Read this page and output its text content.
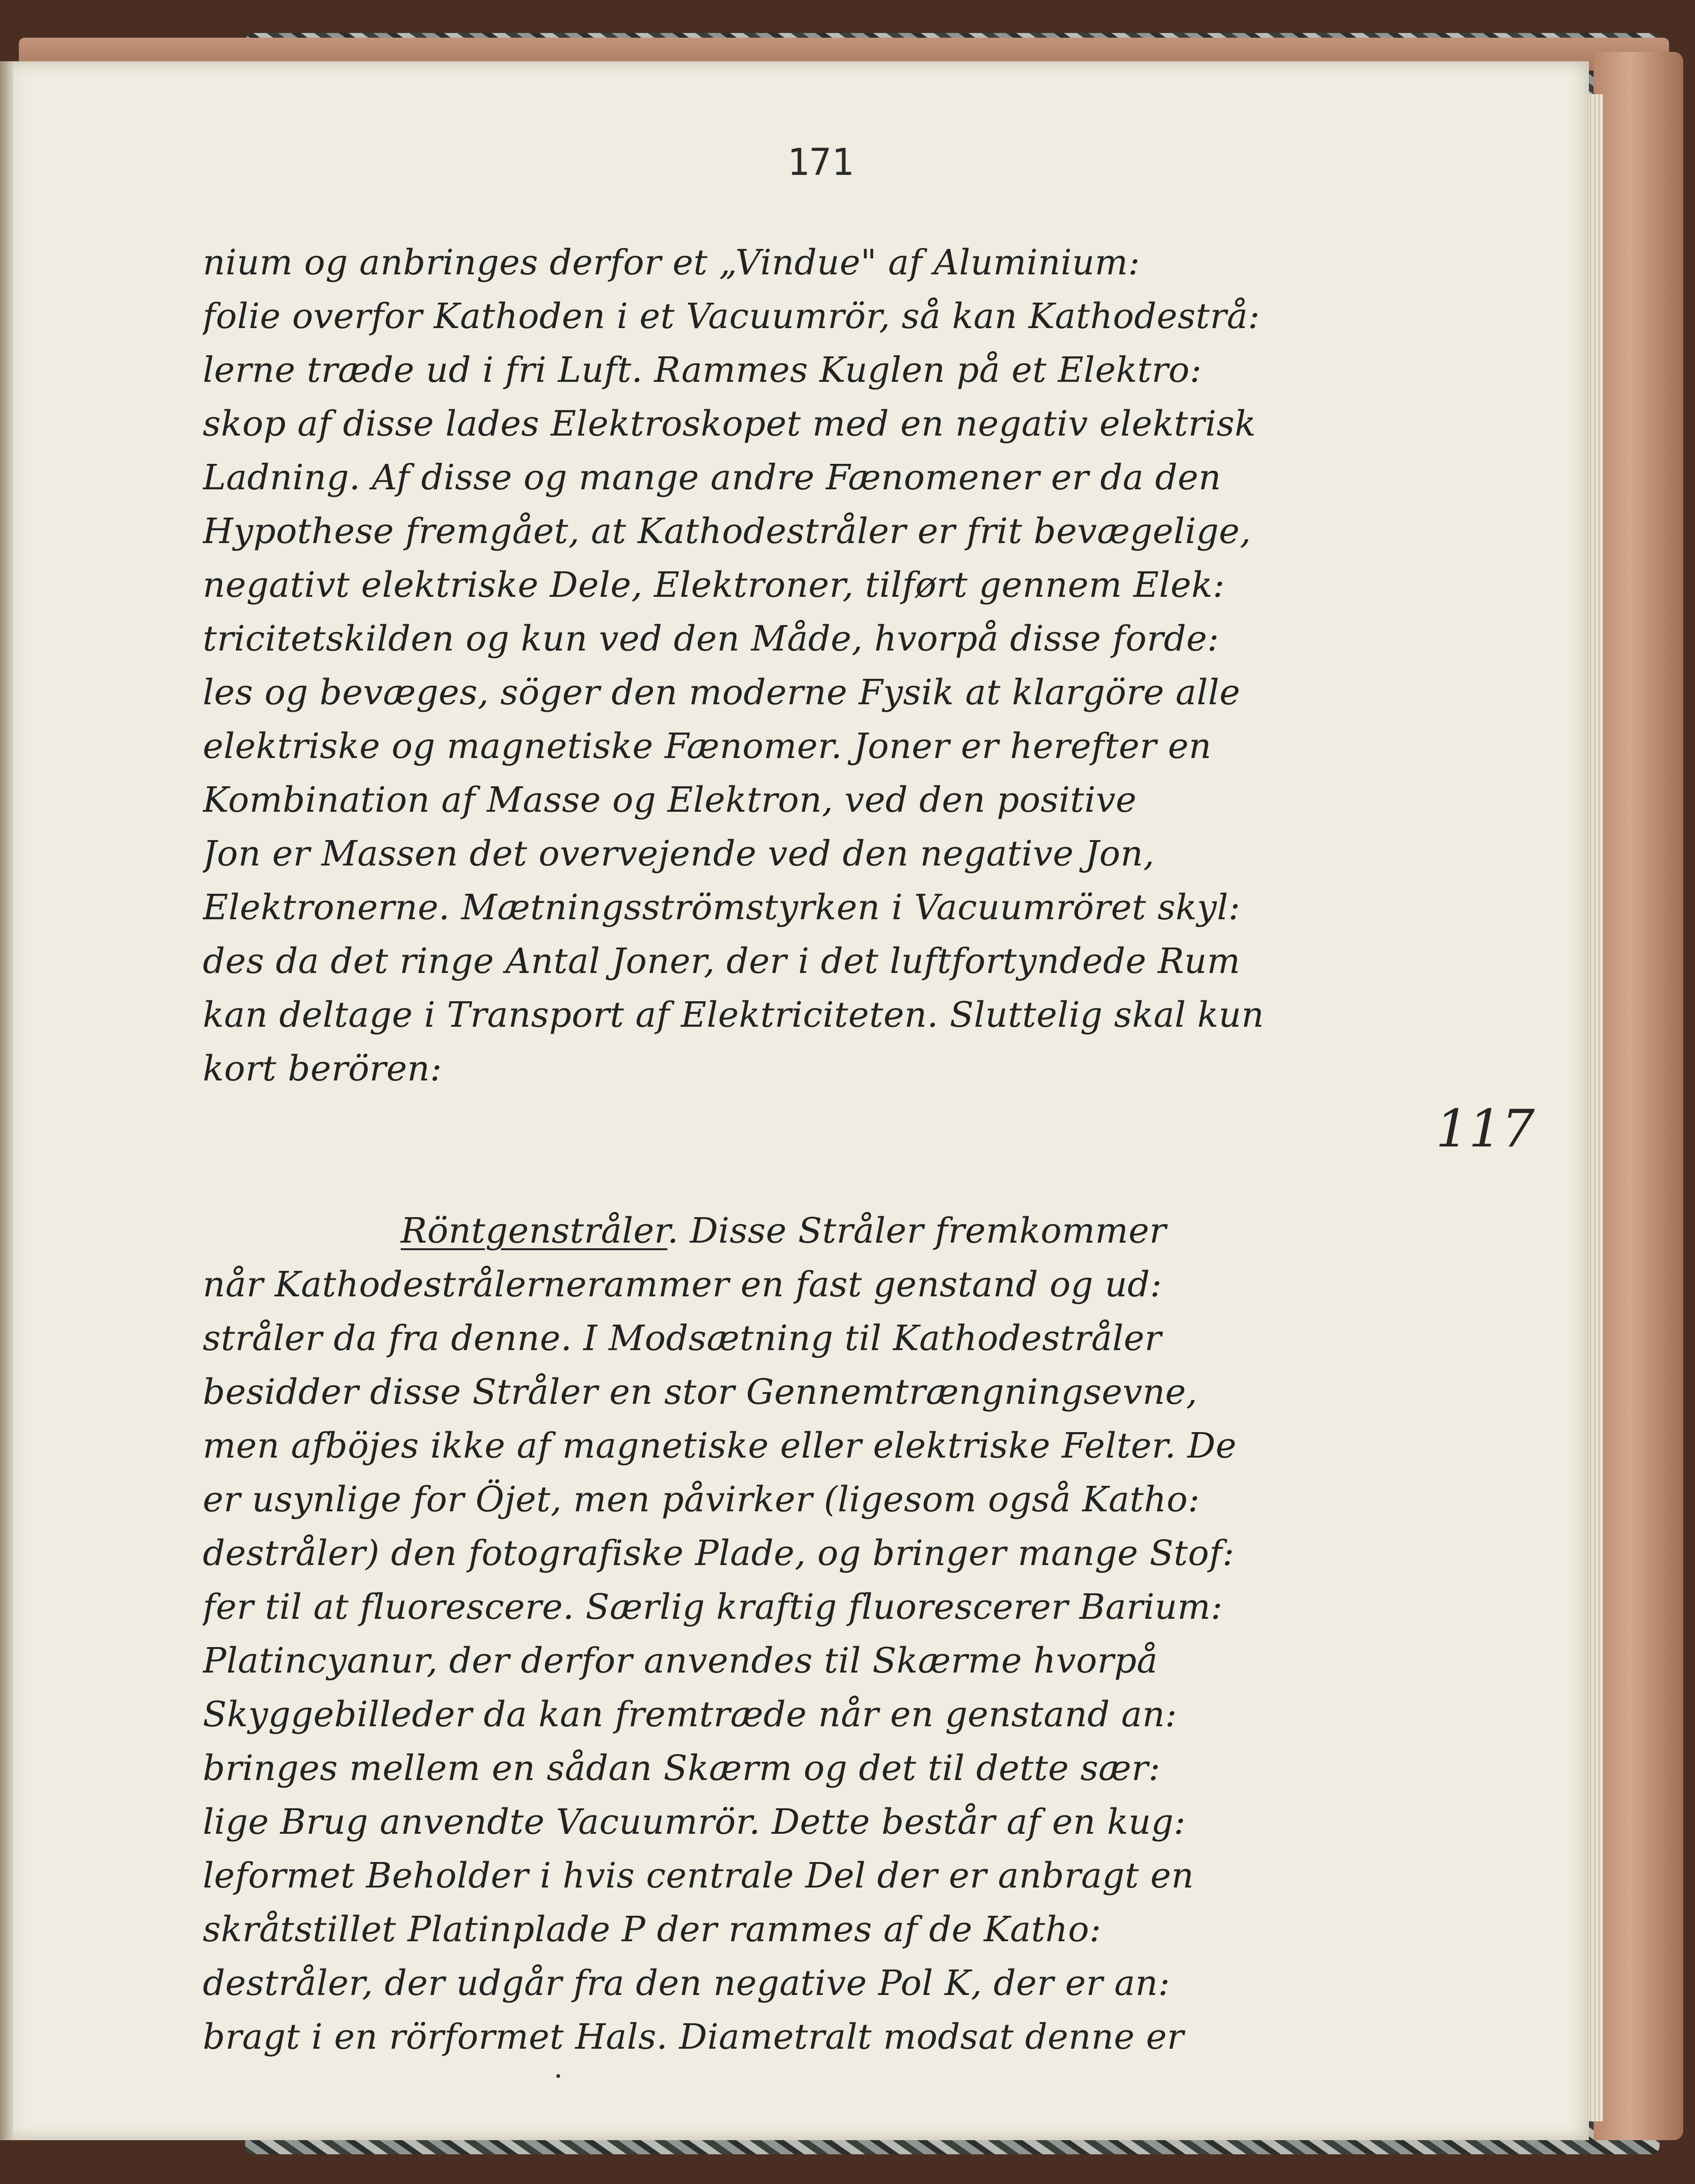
171
nium og anbringes derfor et „Vindue" af Aluminium:
folie overfor Kathoden i et Vacuumrör, så kan Kathodestrå:
lerne træde ud i fri Luft. Rammes Kuglen på et Elektro:
skop af disse lades Elektroskopet med en negativ elektrisk
Ladning. Af disse og mange andre Fænomener er da den
Hypothese fremgået, at Kathodestråler er frit bevægelige,
negativt elektriske Dele, Elektroner, tilført gennem Elek:
tricitetskilden og kun ved den Måde, hvorpå disse forde:
les og bevæges, söger den moderne Fysik at klargöre alle
elektriske og magnetiske Fænomer. Joner er herefter en
Kombination af Masse og Elektron, ved den positive
Jon er Massen det overvejende ved den negative Jon,
Elektronerne. Mætningsströmstyrken i Vacuumröret skyl:
des da det ringe Antal Joner, der i det luftfortyndede Rum
kan deltage i Transport af Elektriciteten. Sluttelig skal kun
kort berören:
Röntgenstråler. Disse Stråler fremkommer
når Kathodestrålernerammer en fast genstand og ud:
stråler da fra denne. I Modsætning til Kathodestråler
besidder disse Stråler en stor Gennemtrængningsevne,
men afböjes ikke af magnetiske eller elektriske Felter. De
er usynlige for Öjet, men påvirker (ligesom også Katho:
destråler) den fotografiske Plade, og bringer mange Stof:
fer til at fluorescere. Særlig kraftig fluorescerer Barium:
Platincyanur, der derfor anvendes til Skærme hvorpå
Skyggebilleder da kan fremtræde når en genstand an:
bringes mellem en sådan Skærm og det til dette sær:
lige Brug anvendte Vacuumrör. Dette består af en kug:
leformet Beholder i hvis centrale Del der er anbragt en
skråtstillet Platinplade P der rammes af de Katho:
destråler, der udgår fra den negative Pol K, der er an:
bragt i en rörformet Hals. Diametralt modsat denne er
117
